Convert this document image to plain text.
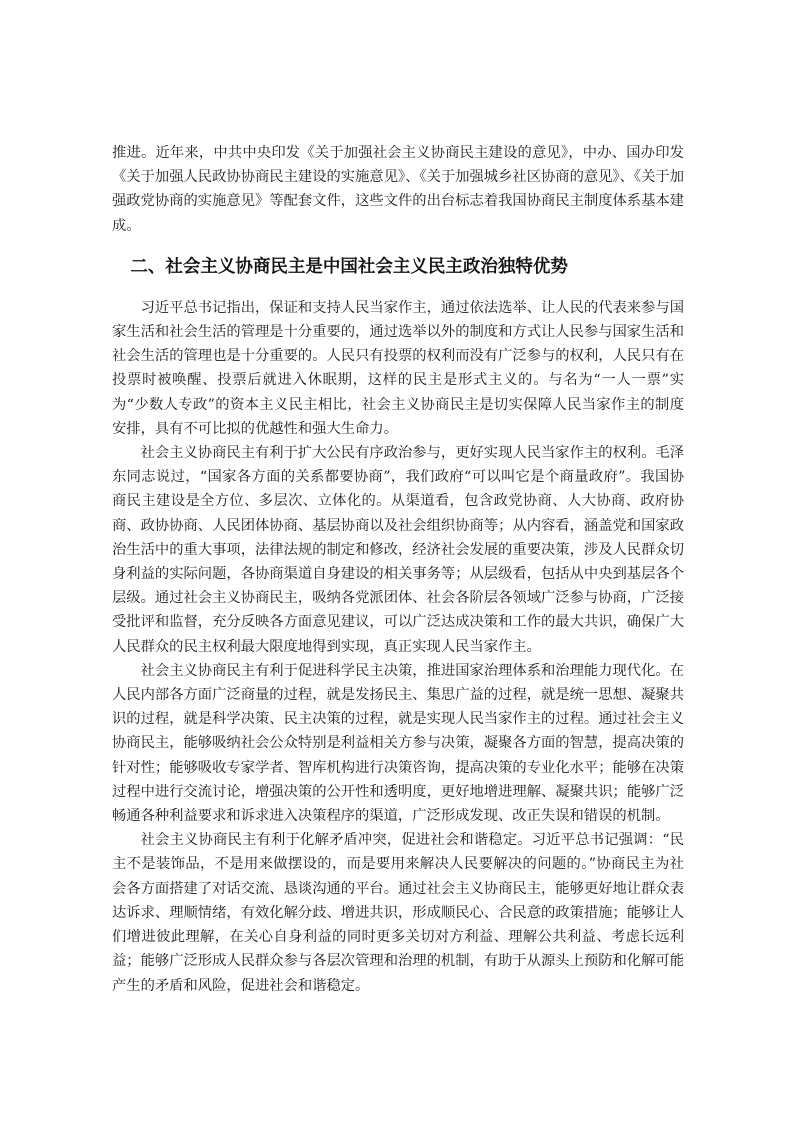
推进。近年来，中共中央印发《关于加强社会主义协商民主建设的意见》，中办、国办印发《关于加强人民政协协商民主建设的实施意见》、《关于加强城乡社区协商的意见》、《关于加强政党协商的实施意见》等配套文件，这些文件的出台标志着我国协商民主制度体系基本建成。

二、社会主义协商民主是中国社会主义民主政治独特优势

习近平总书记指出，保证和支持人民当家作主，通过依法选举、让人民的代表来参与国家生活和社会生活的管理是十分重要的，通过选举以外的制度和方式让人民参与国家生活和社会生活的管理也是十分重要的。人民只有投票的权利而没有广泛参与的权利，人民只有在投票时被唤醒、投票后就进入休眠期，这样的民主是形式主义的。与名为“一人一票”实为“少数人专政”的资本主义民主相比，社会主义协商民主是切实保障人民当家作主的制度安排，具有不可比拟的优越性和强大生命力。

社会主义协商民主有利于扩大公民有序政治参与，更好实现人民当家作主的权利。毛泽东同志说过，“国家各方面的关系都要协商”，我们政府“可以叫它是个商量政府”。我国协商民主建设是全方位、多层次、立体化的。从渠道看，包含政党协商、人大协商、政府协商、政协协商、人民团体协商、基层协商以及社会组织协商等；从内容看，涵盖党和国家政治生活中的重大事项，法律法规的制定和修改，经济社会发展的重要决策，涉及人民群众切身利益的实际问题，各协商渠道自身建设的相关事务等；从层级看，包括从中央到基层各个层级。通过社会主义协商民主，吸纳各党派团体、社会各阶层各领域广泛参与协商，广泛接受批评和监督，充分反映各方面意见建议，可以广泛达成决策和工作的最大共识，确保广大人民群众的民主权利最大限度地得到实现，真正实现人民当家作主。

社会主义协商民主有利于促进科学民主决策，推进国家治理体系和治理能力现代化。在人民内部各方面广泛商量的过程，就是发扬民主、集思广益的过程，就是统一思想、凝聚共识的过程，就是科学决策、民主决策的过程，就是实现人民当家作主的过程。通过社会主义协商民主，能够吸纳社会公众特别是利益相关方参与决策，凝聚各方面的智慧，提高决策的针对性；能够吸收专家学者、智库机构进行决策咨询，提高决策的专业化水平；能够在决策过程中进行交流讨论，增强决策的公开性和透明度，更好地增进理解、凝聚共识；能够广泛畅通各种利益要求和诉求进入决策程序的渠道，广泛形成发现、改正失误和错误的机制。

社会主义协商民主有利于化解矛盾冲突，促进社会和谐稳定。习近平总书记强调：“民主不是装饰品，不是用来做摆设的，而是要用来解决人民要解决的问题的。”协商民主为社会各方面搭建了对话交流、恳谈沟通的平台。通过社会主义协商民主，能够更好地让群众表达诉求、理顺情绪，有效化解分歧、增进共识，形成顺民心、合民意的政策措施；能够让人们增进彼此理解，在关心自身利益的同时更多关切对方利益、理解公共利益、考虑长远利益；能够广泛形成人民群众参与各层次管理和治理的机制，有助于从源头上预防和化解可能产生的矛盾和风险，促进社会和谐稳定。
